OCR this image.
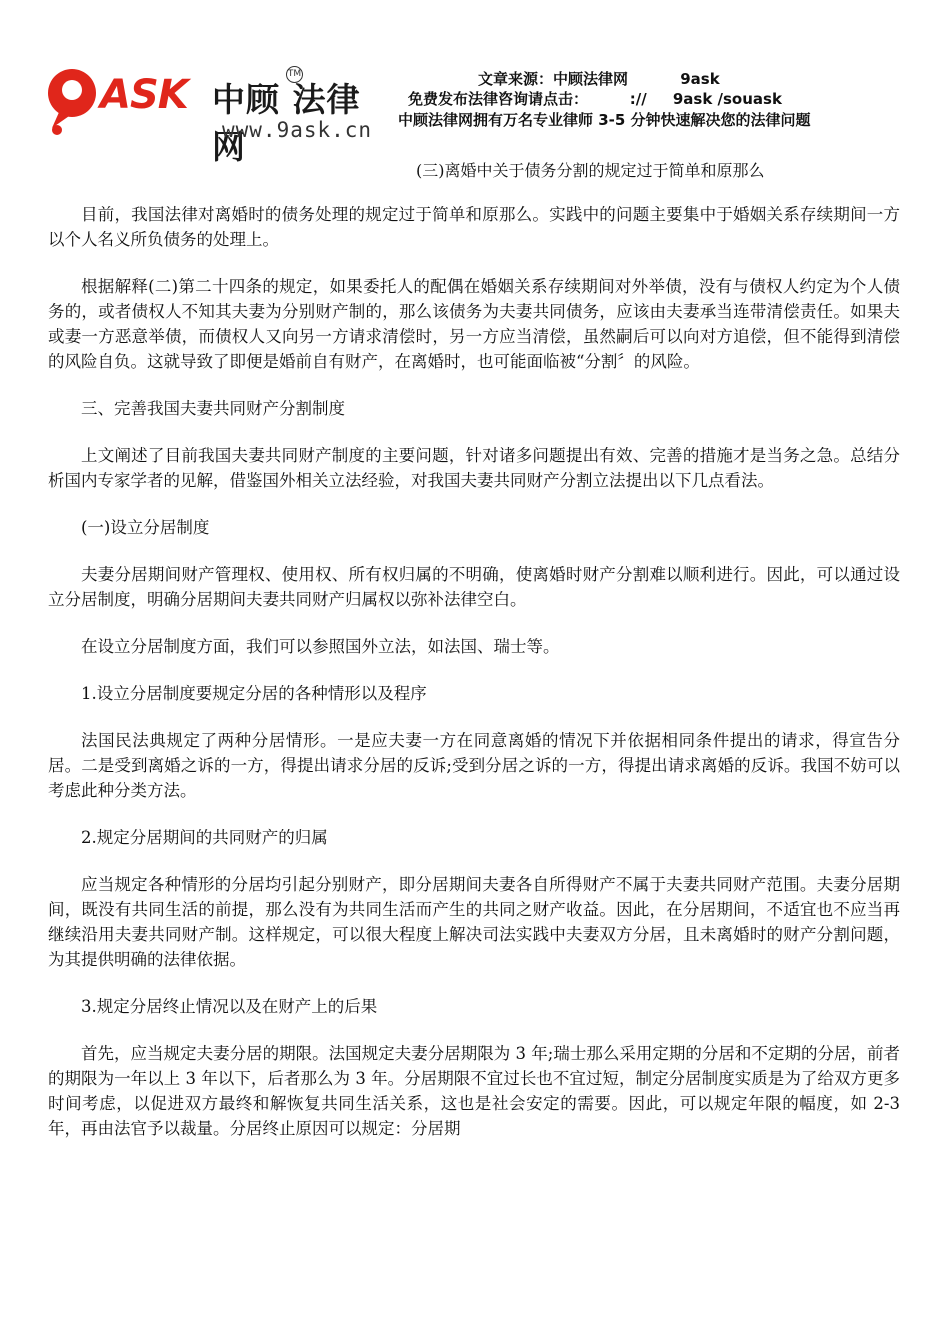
ASK 中顾 法律网
TM
www.9ask.cn
文章来源：中顾法律网          9ask
免费发布法律咨询请点击：        ://     9ask /souask
中顾法律网拥有万名专业律师 3-5 分钟快速解决您的法律问题
(三)离婚中关于债务分割的规定过于简单和原那么

目前，我国法律对离婚时的债务处理的规定过于简单和原那么。实践中的问题主要集中于婚姻关系存续期间一方以个人名义所负债务的处理上。

根据解释(二)第二十四条的规定，如果委托人的配偶在婚姻关系存续期间对外举债，没有与债权人约定为个人债务的，或者债权人不知其夫妻为分别财产制的，那么该债务为夫妻共同债务，应该由夫妻承当连带清偿责任。如果夫或妻一方恶意举债，而债权人又向另一方请求清偿时，另一方应当清偿，虽然嗣后可以向对方追偿，但不能得到清偿的风险自负。这就导致了即便是婚前自有财产，在离婚时，也可能面临被“分割〞的风险。

三、完善我国夫妻共同财产分割制度

上文阐述了目前我国夫妻共同财产制度的主要问题，针对诸多问题提出有效、完善的措施才是当务之急。总结分析国内专家学者的见解，借鉴国外相关立法经验，对我国夫妻共同财产分割立法提出以下几点看法。

(一)设立分居制度

夫妻分居期间财产管理权、使用权、所有权归属的不明确，使离婚时财产分割难以顺利进行。因此，可以通过设立分居制度，明确分居期间夫妻共同财产归属权以弥补法律空白。

在设立分居制度方面，我们可以参照国外立法，如法国、瑞士等。

1.设立分居制度要规定分居的各种情形以及程序

法国民法典规定了两种分居情形。一是应夫妻一方在同意离婚的情况下并依据相同条件提出的请求，得宣告分居。二是受到离婚之诉的一方，得提出请求分居的反诉;受到分居之诉的一方，得提出请求离婚的反诉。我国不妨可以考虑此种分类方法。

2.规定分居期间的共同财产的归属

应当规定各种情形的分居均引起分别财产，即分居期间夫妻各自所得财产不属于夫妻共同财产范围。夫妻分居期间，既没有共同生活的前提，那么没有为共同生活而产生的共同之财产收益。因此，在分居期间，不适宜也不应当再继续沿用夫妻共同财产制。这样规定，可以很大程度上解决司法实践中夫妻双方分居，且未离婚时的财产分割问题，为其提供明确的法律依据。

3.规定分居终止情况以及在财产上的后果

首先，应当规定夫妻分居的期限。法国规定夫妻分居期限为 3 年;瑞士那么采用定期的分居和不定期的分居，前者的期限为一年以上 3 年以下，后者那么为 3 年。分居期限不宜过长也不宜过短，制定分居制度实质是为了给双方更多时间考虑，以促进双方最终和解恢复共同生活关系，这也是社会安定的需要。因此，可以规定年限的幅度，如 2-3 年，再由法官予以裁量。分居终止原因可以规定：分居期
